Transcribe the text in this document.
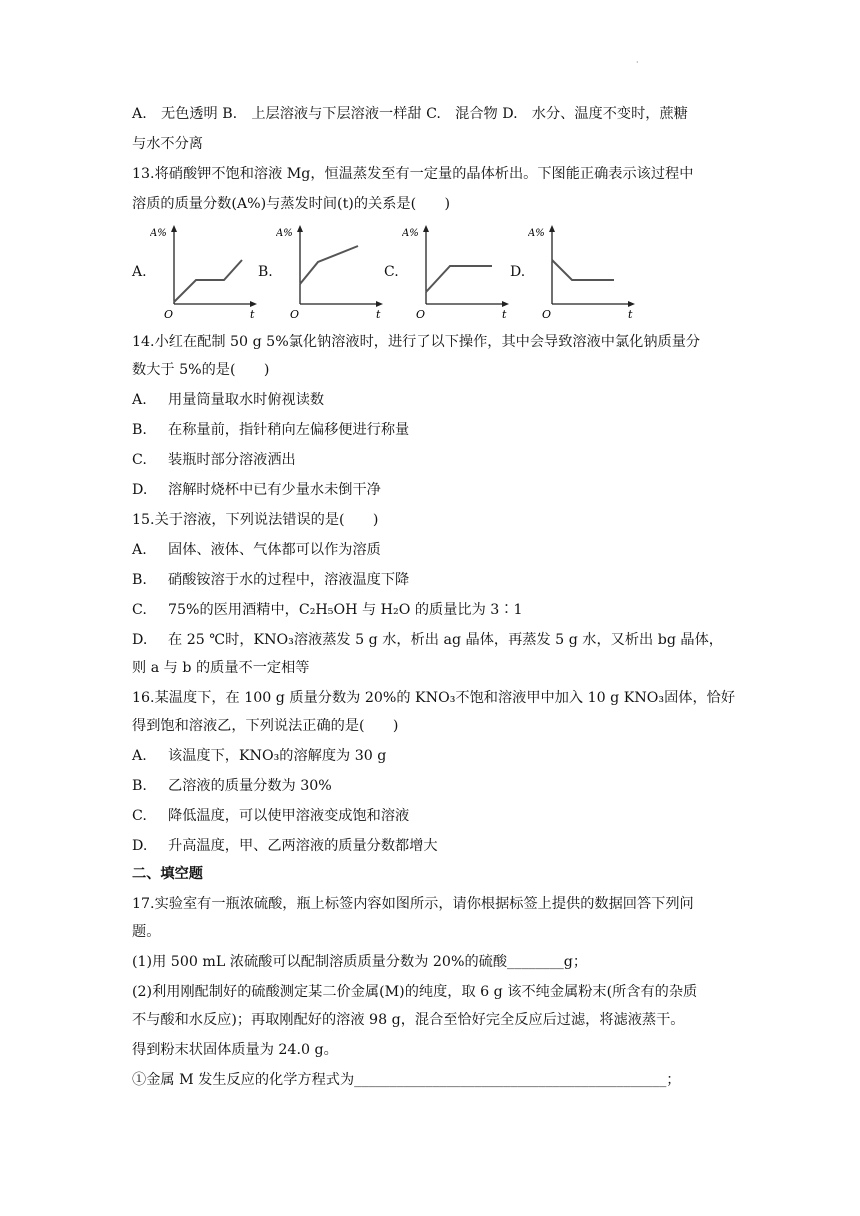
·
A.　无色透明 B.　上层溶液与下层溶液一样甜 C.　混合物 D.　水分、温度不变时，蔗糖
与水不分离
13.将硝酸钾不饱和溶液 Mg，恒温蒸发至有一定量的晶体析出。下图能正确表示该过程中
溶质的质量分数(A%)与蒸发时间(t)的关系是(　　)
A.	B.	C.	D.
A%
O	t
A%
O	t
A%
O	t
A%
O	t
14.小红在配制 50 g 5%氯化钠溶液时，进行了以下操作，其中会导致溶液中氯化钠质量分
数大于 5%的是(　　)
A. 用量筒量取水时俯视读数
B. 在称量前，指针稍向左偏移便进行称量
C. 装瓶时部分溶液洒出
D. 溶解时烧杯中已有少量水未倒干净
15.关于溶液，下列说法错误的是(　　)
A. 固体、液体、气体都可以作为溶质
B. 硝酸铵溶于水的过程中，溶液温度下降
C. 75%的医用酒精中，C₂H₅OH 与 H₂O 的质量比为 3∶1
D. 在 25 ℃时，KNO₃溶液蒸发 5 g 水，析出 ag 晶体，再蒸发 5 g 水，又析出 bg 晶体，
则 a 与 b 的质量不一定相等
16.某温度下，在 100 g 质量分数为 20%的 KNO₃不饱和溶液甲中加入 10 g KNO₃固体，恰好
得到饱和溶液乙，下列说法正确的是(　　)
A. 该温度下，KNO₃的溶解度为 30 g
B. 乙溶液的质量分数为 30%
C. 降低温度，可以使甲溶液变成饱和溶液
D. 升高温度，甲、乙两溶液的质量分数都增大
二、填空题
17.实验室有一瓶浓硫酸，瓶上标签内容如图所示，请你根据标签上提供的数据回答下列问
题。
(1)用 500 mL 浓硫酸可以配制溶质质量分数为 20%的硫酸________g；
(2)利用刚配制好的硫酸测定某二价金属(M)的纯度，取 6 g 该不纯金属粉末(所含有的杂质
不与酸和水反应)；再取刚配好的溶液 98 g，混合至恰好完全反应后过滤，将滤液蒸干。
得到粉末状固体质量为 24.0 g。
①金属 M 发生反应的化学方程式为____________________________________________；
